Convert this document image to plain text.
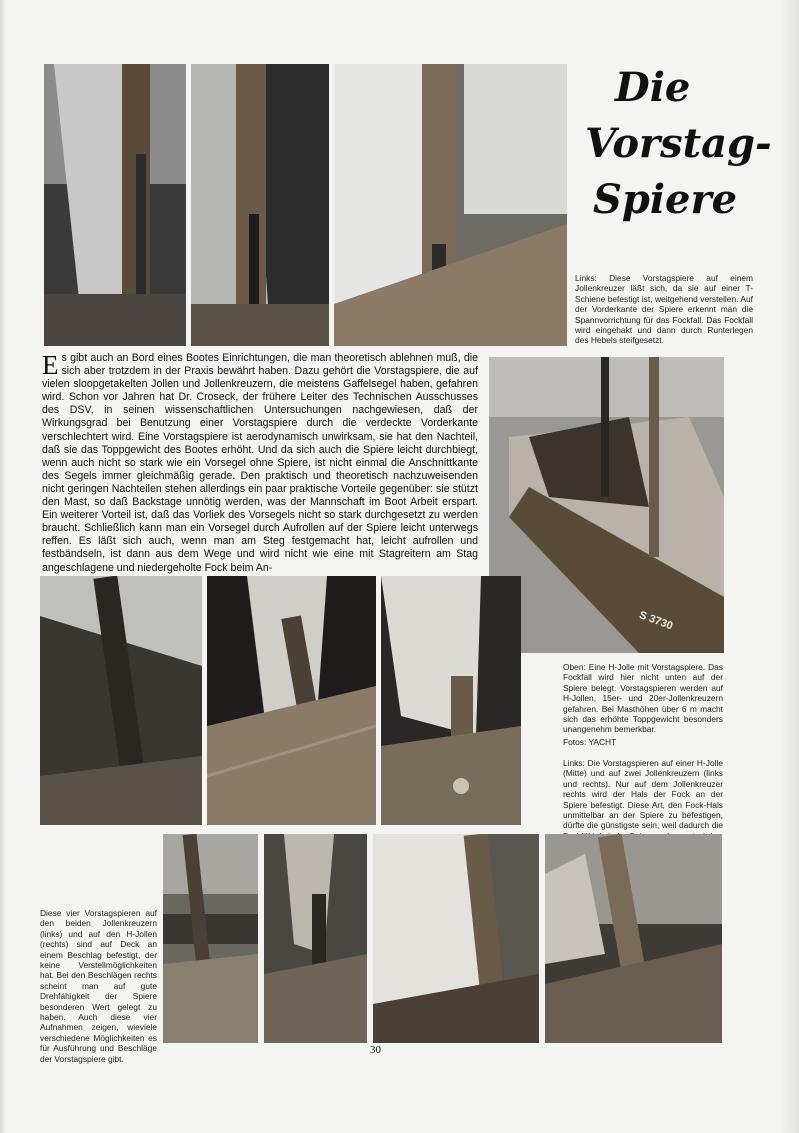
Die
Vorstag-
Spiere
Links: Diese Vorstagspiere auf einem Jollenkreuzer läßt sich, da sie auf einer T-Schiene befestigt ist, weitgehend verstellen. Auf der Vorderkante der Spiere erkennt man die Spannvorrichtung für das Fockfall. Das Fockfall wird eingehakt und dann durch Runterlegen des Hebels steifgesetzt.
Es gibt auch an Bord eines Bootes Einrichtungen, die man theoretisch ablehnen muß, die sich aber trotzdem in der Praxis bewährt haben. Dazu gehört die Vorstagspiere, die auf vielen sloopgetakelten Jollen und Jollenkreuzern, die meistens Gaffelsegel haben, gefahren wird. Schon vor Jahren hat Dr. Croseck, der frühere Leiter des Technischen Ausschusses des DSV, in seinen wissenschaftlichen Untersuchungen nachgewiesen, daß der Wirkungsgrad bei Benutzung einer Vorstagspiere durch die verdeckte Vorderkante verschlechtert wird. Eine Vorstagspiere ist aerodynamisch unwirksam, sie hat den Nachteil, daß sie das Toppgewicht des Bootes erhöht. Und da sich auch die Spiere leicht durchbiegt, wenn auch nicht so stark wie ein Vorsegel ohne Spiere, ist nicht einmal die Anschnittkante des Segels immer gleichmäßig gerade. Den praktisch und theoretisch nachzuweisenden nicht geringen Nachteilen stehen allerdings ein paar praktische Vorteile gegenüber: sie stützt den Mast, so daß Backstage unnötig werden, was der Mannschaft im Boot Arbeit erspart. Ein weiterer Vorteil ist, daß das Vorliek des Vorsegels nicht so stark durchgesetzt zu werden braucht. Schließlich kann man ein Vorsegel durch Aufrollen auf der Spiere leicht unterwegs reffen. Es läßt sich auch, wenn man am Steg festgemacht hat, leicht aufrollen und festbändseln, ist dann aus dem Wege und wird nicht wie eine mit Stagreitern am Stag angeschlagene und niedergeholte Fock beim An-
S 3730
Oben: Eine H-Jolle mit Vorstagspiere. Das Fockfall wird hier nicht unten auf der Spiere belegt. Vorstagspieren werden auf H-Jollen, 15er- und 20er-Jollenkreuzern gefahren. Bei Masthöhen über 6 m macht sich das erhöhte Toppgewicht besonders unangenehm bemerkbar.
Fotos: YACHT
Links: Die Vorstagspieren auf einer H-Jolle (Mitte) und auf zwei Jollenkreuzern (links und rechts). Nur auf dem Jollenkreuzer rechts wird der Hals der Fock an der Spiere befestigt. Diese Art, den Fock-Hals unmittelbar an der Spiere zu befestigen, dürfte die günstigste sein, weil dadurch die
Diese vier Vorstagspieren auf den beiden Jollenkreuzern (links) und auf den H-Jollen (rechts) sind auf Deck an einem Beschlag befestigt, der keine Verstellmöglichkeiten hat. Bei den Beschlägen rechts scheint man auf gute Drehfähigkeit der Spiere besonderen Wert gelegt zu haben. Auch diese vier Aufnahmen zeigen, wieviele verschiedene Möglichkeiten es für Ausführung und Beschläge der Vorstagspiere gibt.
30
